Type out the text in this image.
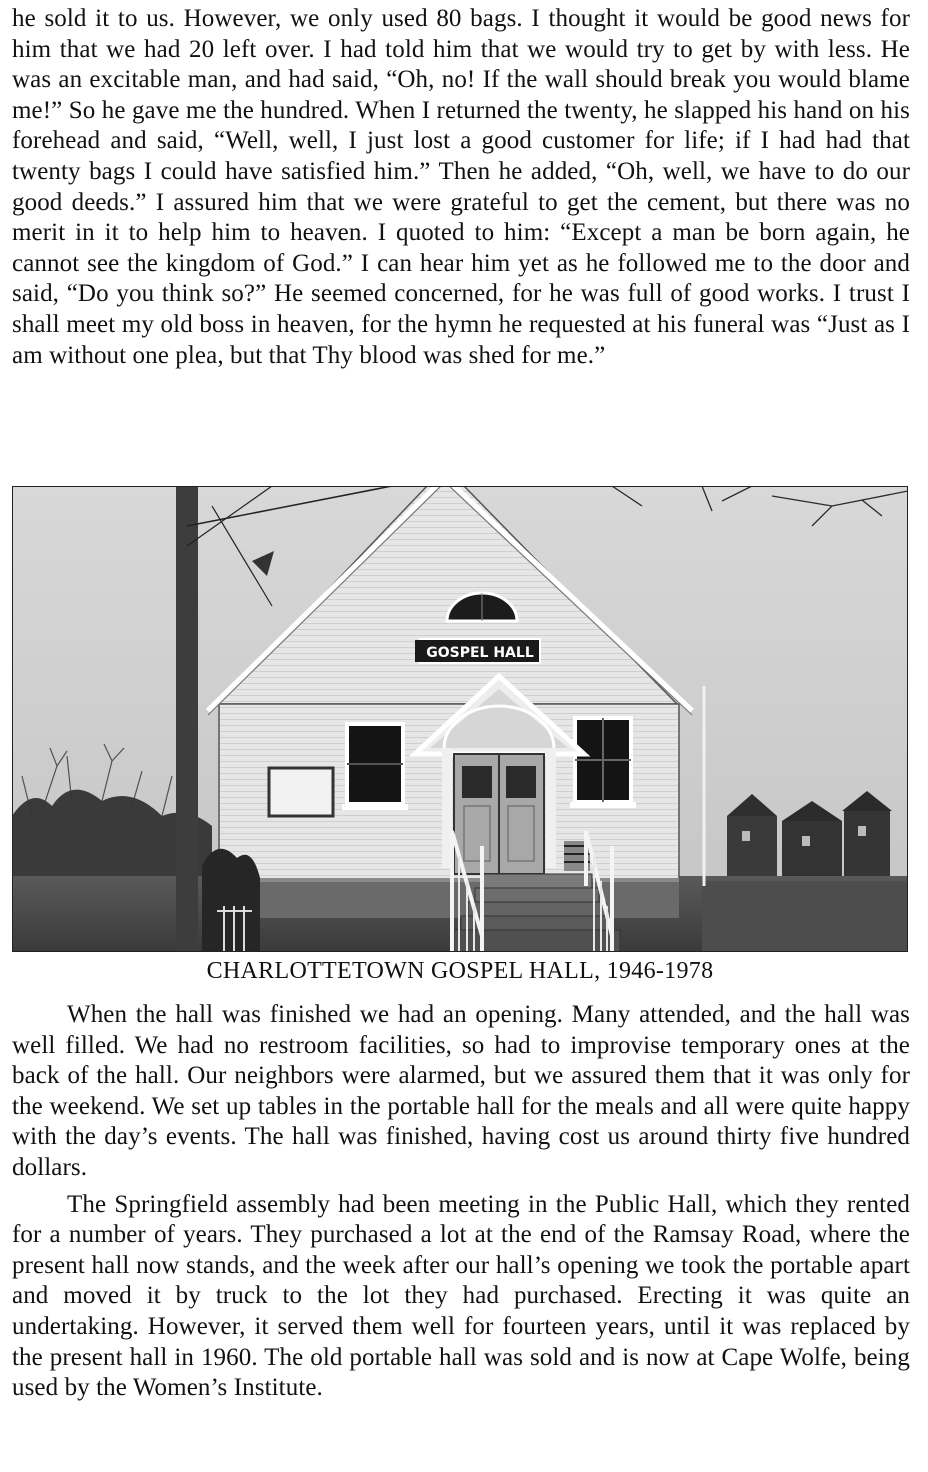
he sold it to us. However, we only used 80 bags. I thought it would be good news for him that we had 20 left over. I had told him that we would try to get by with less. He was an excitable man, and had said, “Oh, no! If the wall should break you would blame me!” So he gave me the hundred. When I returned the twenty, he slapped his hand on his forehead and said, “Well, well, I just lost a good customer for life; if I had had that twenty bags I could have satisfied him.” Then he added, “Oh, well, we have to do our good deeds.” I assured him that we were grateful to get the cement, but there was no merit in it to help him to heaven. I quoted to him: “Except a man be born again, he cannot see the kingdom of God.” I can hear him yet as he followed me to the door and said, “Do you think so?” He seemed concerned, for he was full of good works. I trust I shall meet my old boss in heaven, for the hymn he requested at his funeral was “Just as I am without one plea, but that Thy blood was shed for me.”

GOSPEL HALL

CHARLOTTETOWN GOSPEL HALL, 1946-1978

When the hall was finished we had an opening. Many attended, and the hall was well filled. We had no restroom facilities, so had to improvise temporary ones at the back of the hall. Our neighbors were alarmed, but we assured them that it was only for the weekend. We set up tables in the portable hall for the meals and all were quite happy with the day’s events. The hall was finished, having cost us around thirty five hundred dollars.

The Springfield assembly had been meeting in the Public Hall, which they rented for a number of years. They purchased a lot at the end of the Ramsay Road, where the present hall now stands, and the week after our hall’s opening we took the portable apart and moved it by truck to the lot they had purchased. Erecting it was quite an undertaking. However, it served them well for fourteen years, until it was replaced by the present hall in 1960. The old portable hall was sold and is now at Cape Wolfe, being used by the Women’s Institute.
